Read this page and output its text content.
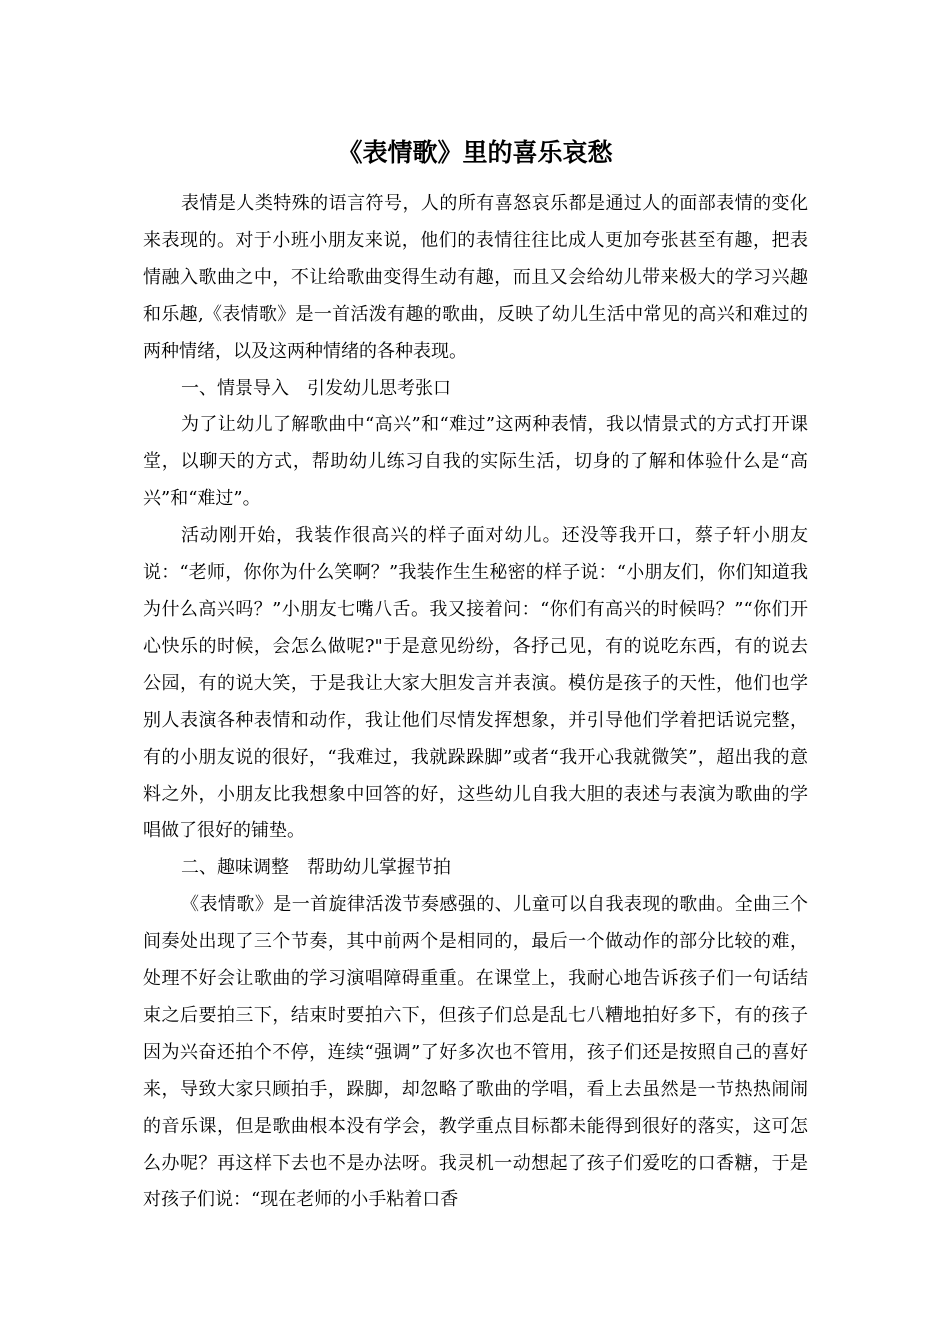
《表情歌》里的喜乐哀愁

表情是人类特殊的语言符号，人的所有喜怒哀乐都是通过人的面部表情的变化来表现的。对于小班小朋友来说，他们的表情往往比成人更加夸张甚至有趣，把表情融入歌曲之中，不让给歌曲变得生动有趣，而且又会给幼儿带来极大的学习兴趣和乐趣,《表情歌》是一首活泼有趣的歌曲，反映了幼儿生活中常见的高兴和难过的两种情绪，以及这两种情绪的各种表现。

一、情景导入　引发幼儿思考张口

为了让幼儿了解歌曲中“高兴”和“难过”这两种表情，我以情景式的方式打开课堂，以聊天的方式，帮助幼儿练习自我的实际生活，切身的了解和体验什么是“高兴”和“难过”。

活动刚开始，我装作很高兴的样子面对幼儿。还没等我开口，蔡子轩小朋友说：“老师，你你为什么笑啊？”我装作生生秘密的样子说：“小朋友们，你们知道我为什么高兴吗？”小朋友七嘴八舌。我又接着问：“你们有高兴的时候吗？”“你们开心快乐的时候，会怎么做呢?"于是意见纷纷，各抒己见，有的说吃东西，有的说去公园，有的说大笑，于是我让大家大胆发言并表演。模仿是孩子的天性，他们也学别人表演各种表情和动作，我让他们尽情发挥想象，并引导他们学着把话说完整，有的小朋友说的很好，“我难过，我就跺跺脚”或者“我开心我就微笑”，超出我的意料之外，小朋友比我想象中回答的好，这些幼儿自我大胆的表述与表演为歌曲的学唱做了很好的铺垫。

二、趣味调整　帮助幼儿掌握节拍

《表情歌》是一首旋律活泼节奏感强的、儿童可以自我表现的歌曲。全曲三个间奏处出现了三个节奏，其中前两个是相同的，最后一个做动作的部分比较的难，处理不好会让歌曲的学习演唱障碍重重。在课堂上，我耐心地告诉孩子们一句话结束之后要拍三下，结束时要拍六下，但孩子们总是乱七八糟地拍好多下，有的孩子因为兴奋还拍个不停，连续“强调”了好多次也不管用，孩子们还是按照自己的喜好来，导致大家只顾拍手，跺脚，却忽略了歌曲的学唱，看上去虽然是一节热热闹闹的音乐课，但是歌曲根本没有学会，教学重点目标都未能得到很好的落实，这可怎么办呢？再这样下去也不是办法呀。我灵机一动想起了孩子们爱吃的口香糖，于是对孩子们说：“现在老师的小手粘着口香
